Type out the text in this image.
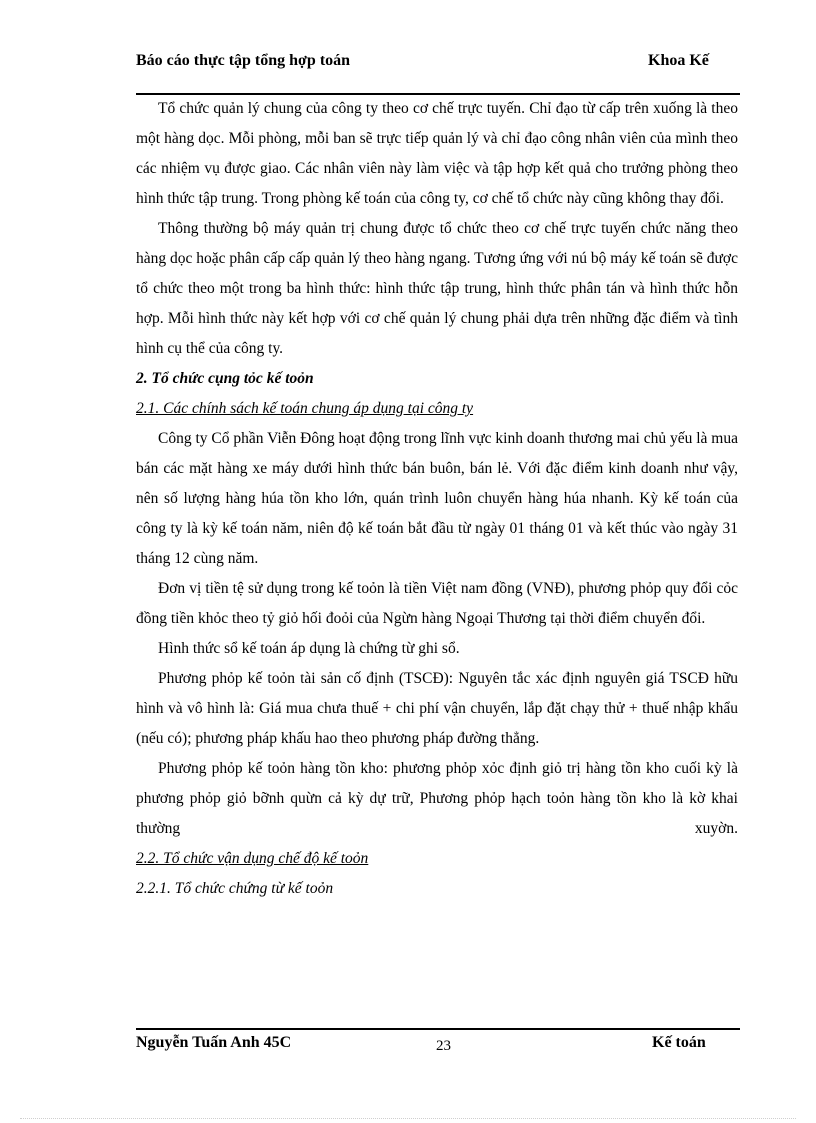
Báo cáo thực tập tổng hợp toán	Khoa Kế

Tổ chức quản lý chung của công ty theo cơ chế trực tuyến. Chỉ đạo từ cấp trên xuống là theo một hàng dọc. Mỗi phòng, mỗi ban sẽ trực tiếp quản lý và chỉ đạo công nhân viên của mình theo các nhiệm vụ được giao. Các nhân viên này làm việc và tập hợp kết quả cho trưởng phòng theo hình thức tập trung. Trong phòng kế toán của công ty, cơ chế tổ chức này cũng không thay đổi.

Thông thường bộ máy quản trị chung được tổ chức theo cơ chế trực tuyến chức năng theo hàng dọc hoặc phân cấp cấp quản lý theo hàng ngang. Tương ứng với nú bộ máy kế toán sẽ được tổ chức theo một trong ba hình thức: hình thức tập trung, hình thức phân tán và hình thức hỗn hợp. Mỗi hình thức này kết hợp với cơ chế quản lý chung phải dựa trên những đặc điểm và tình hình cụ thể của công ty.

2. Tổ chức cụng tỏc kế toỏn

2.1. Các chính sách kế toán chung áp dụng tại công ty

Công ty Cổ phần Viễn Đông hoạt động trong lĩnh vực kinh doanh thương mai chủ yếu là mua bán các mặt hàng xe máy dưới hình thức bán buôn, bán lẻ. Với đặc điểm kinh doanh như vậy, nên số lượng hàng húa tồn kho lớn, quán trình luôn chuyển hàng húa nhanh. Kỳ kế toán của công ty là kỳ kế toán năm, niên độ kế toán bắt đầu từ ngày 01 tháng 01 và kết thúc vào ngày 31 tháng 12 cùng năm.

Đơn vị tiền tệ sử dụng trong kế toỏn là tiền Việt nam đồng (VNĐ), phương phỏp quy đổi cỏc đồng tiền khỏc theo tỷ giỏ hối đoỏi của Ngừn hàng Ngoại Thương tại thời điểm chuyển đổi.

Hình thức sổ kế toán áp dụng là chứng từ ghi sổ.

Phương phỏp kế toỏn tài sản cố định (TSCĐ): Nguyên tắc xác định nguyên giá TSCĐ hữu hình và vô hình là: Giá mua chưa thuế + chi phí vận chuyển, lắp đặt chạy thử + thuế nhập khẩu (nếu có); phương pháp khấu hao theo phương pháp đường thẳng.

Phương phỏp kế toỏn hàng tồn kho: phương phỏp xỏc định giỏ trị hàng tồn kho cuối kỳ là phương phỏp giỏ bỡnh quừn cả kỳ dự trữ, Phương phỏp hạch toỏn hàng tồn kho là kờ khai thường xuyờn.

2.2. Tổ chức vận dụng chế độ kế toỏn

2.2.1. Tổ chức chứng từ kế toỏn

Nguyễn Tuấn Anh 45C	23	Kế toán
